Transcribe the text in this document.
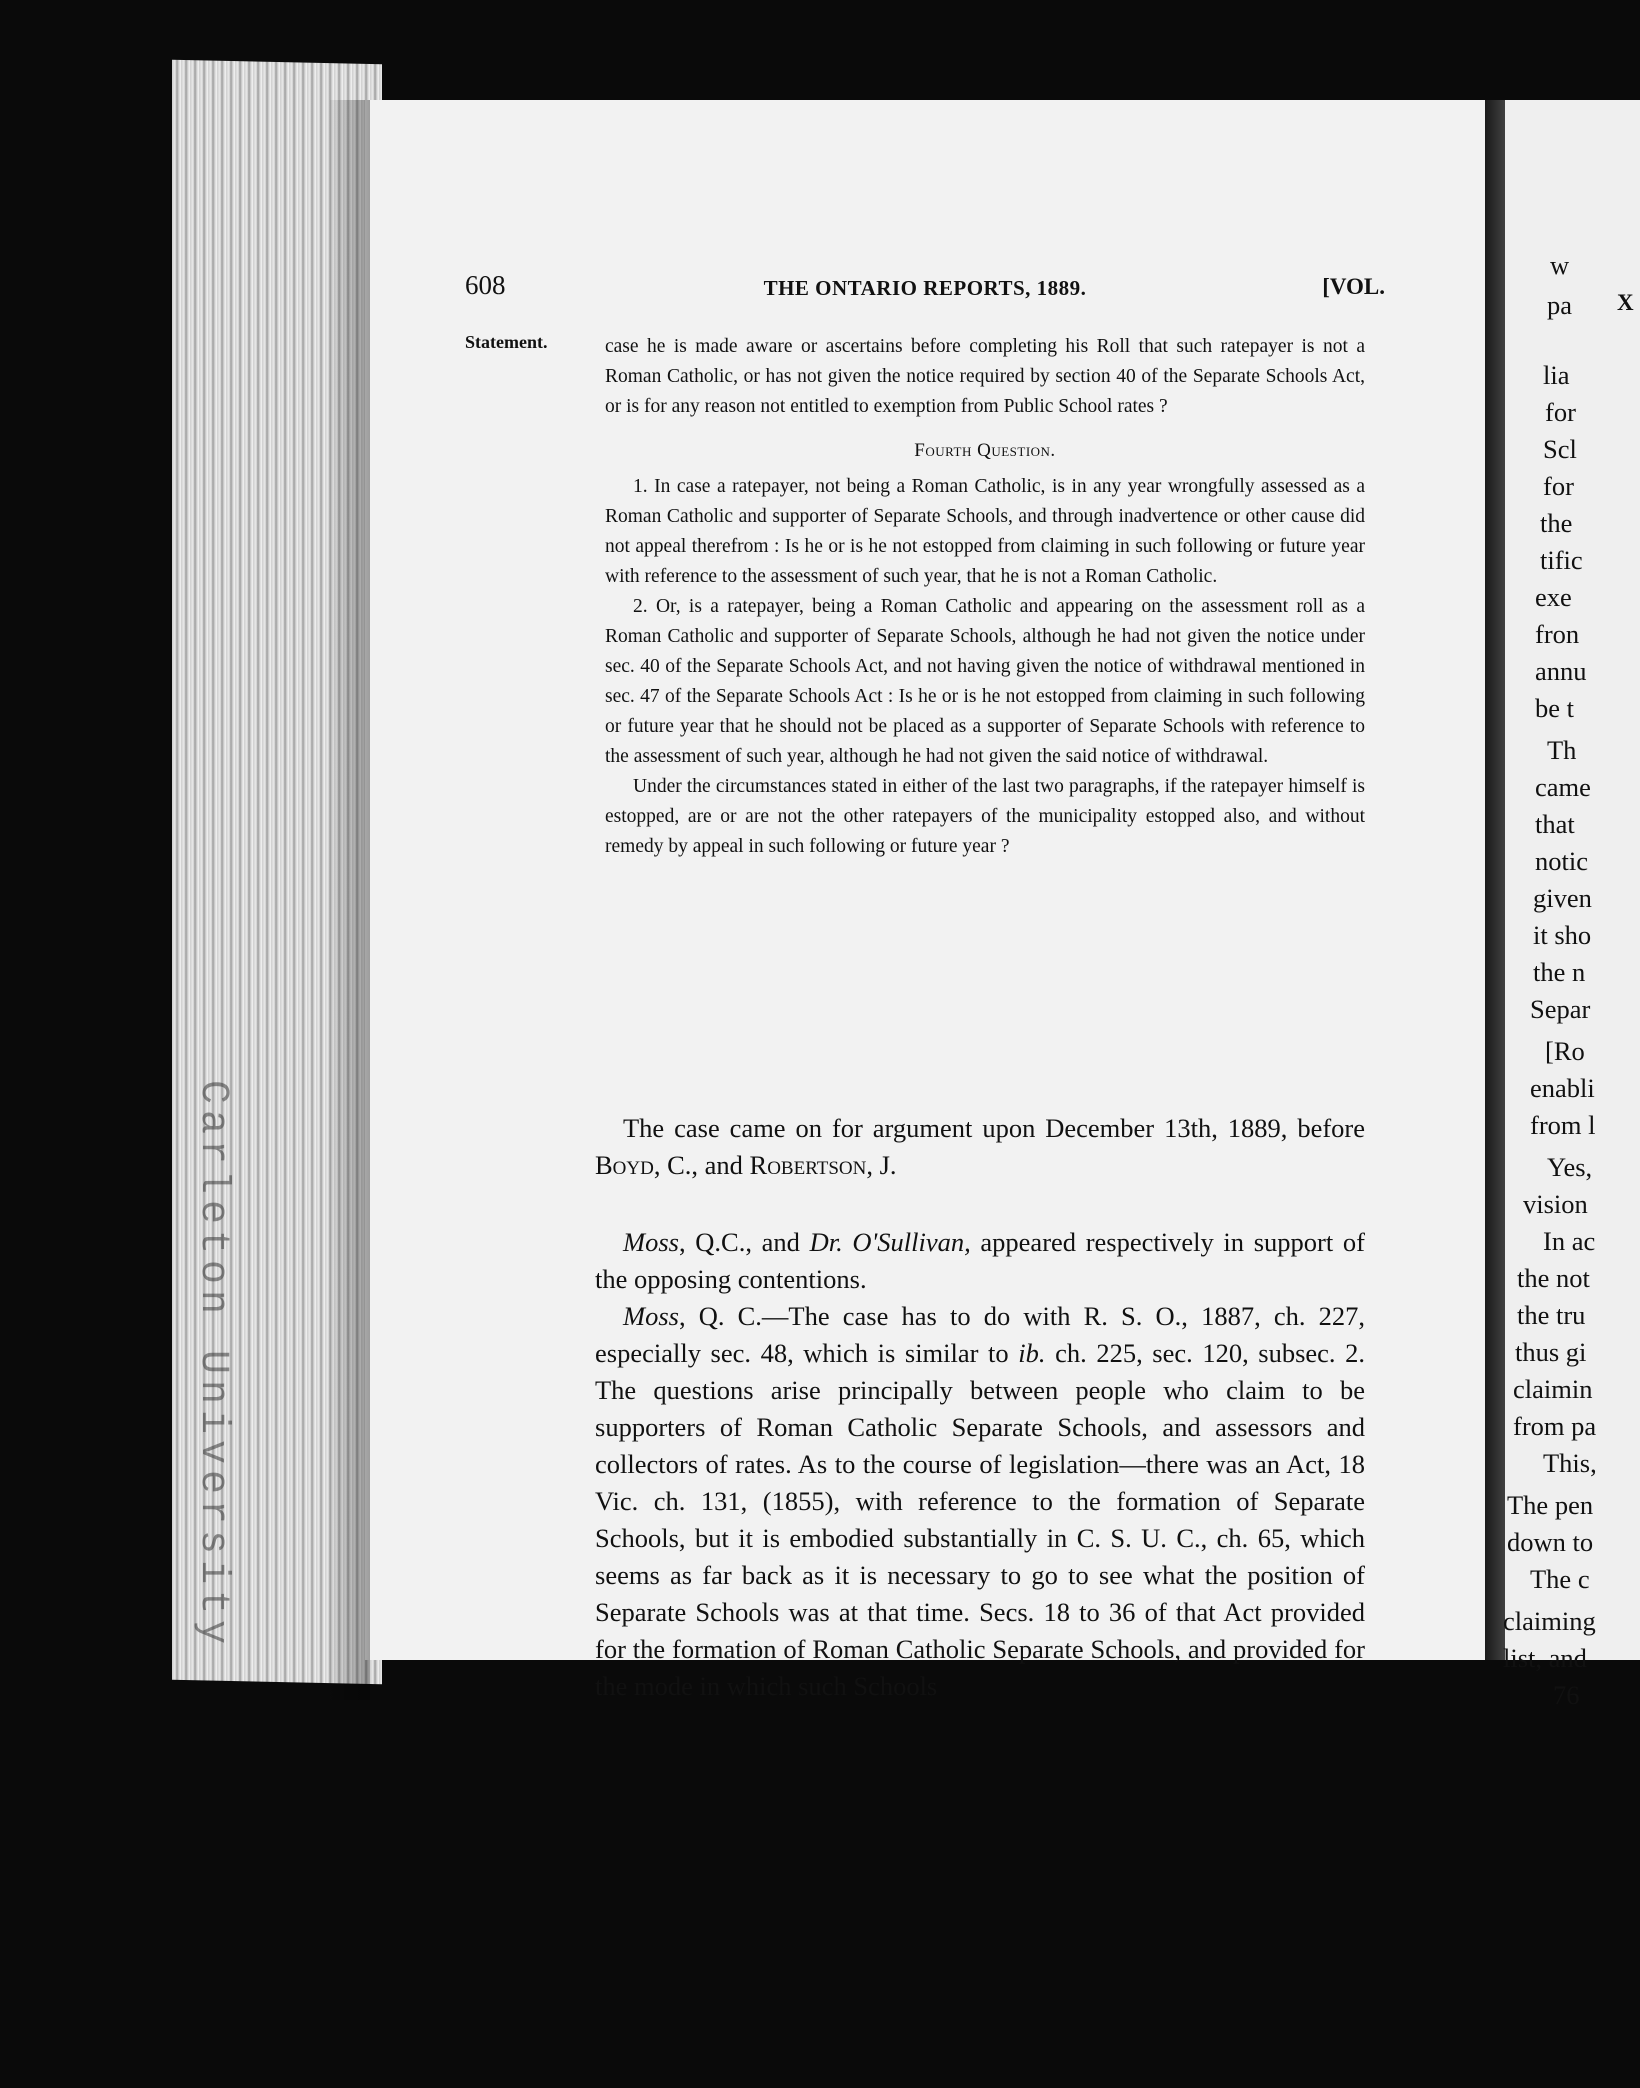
608	THE ONTARIO REPORTS, 1889.	[VOL.
Statement.	case he is made aware or ascertains before completing his Roll that such ratepayer is not a Roman Catholic, or has not given the notice required by section 40 of the Separate Schools Act, or is for any reason not entitled to exemption from Public School rates ?

Fourth Question.

1. In case a ratepayer, not being a Roman Catholic, is in any year wrongfully assessed as a Roman Catholic and supporter of Separate Schools, and through inadvertence or other cause did not appeal therefrom : Is he or is he not estopped from claiming in such following or future year with reference to the assessment of such year, that he is not a Roman Catholic.

2. Or, is a ratepayer, being a Roman Catholic and appearing on the assessment roll as a Roman Catholic and supporter of Separate Schools, although he had not given the notice under sec. 40 of the Separate Schools Act, and not having given the notice of withdrawal mentioned in sec. 47 of the Separate Schools Act : Is he or is he not estopped from claiming in such following or future year that he should not be placed as a supporter of Separate Schools with reference to the assessment of such year, although he had not given the said notice of withdrawal.

Under the circumstances stated in either of the last two paragraphs, if the ratepayer himself is estopped, are or are not the other ratepayers of the municipality estopped also, and without remedy by appeal in such following or future year ?

The case came on for argument upon December 13th, 1889, before Boyd, C., and Robertson, J.

Moss, Q.C., and Dr. O'Sullivan, appeared respectively in support of the opposing contentions.

Moss, Q. C.—The case has to do with R. S. O., 1887, ch. 227, especially sec. 48, which is similar to ib. ch. 225, sec. 120, subsec. 2. The questions arise principally between people who claim to be supporters of Roman Catholic Separate Schools, and assessors and collectors of rates. As to the course of legislation—there was an Act, 18 Vic. ch. 131, (1855), with reference to the formation of Separate Schools, but it is embodied substantially in C. S. U. C., ch. 65, which seems as far back as it is necessary to go to see what the position of Separate Schools was at that time. Secs. 18 to 36 of that Act provided for the formation of Roman Catholic Separate Schools, and provided for the mode in which such Schools

X
w
pa
lia
for
Scl
for
the
tific
exe
fron
annu
be t
Th
came
that
notic
given
it sho
the n
Separ
[Ro
enabli
from l
Yes,
vision
In ac
the not
the tru
thus gi
claimin
from pa
This,
The pen
down to
The c
claiming
list, and
76
